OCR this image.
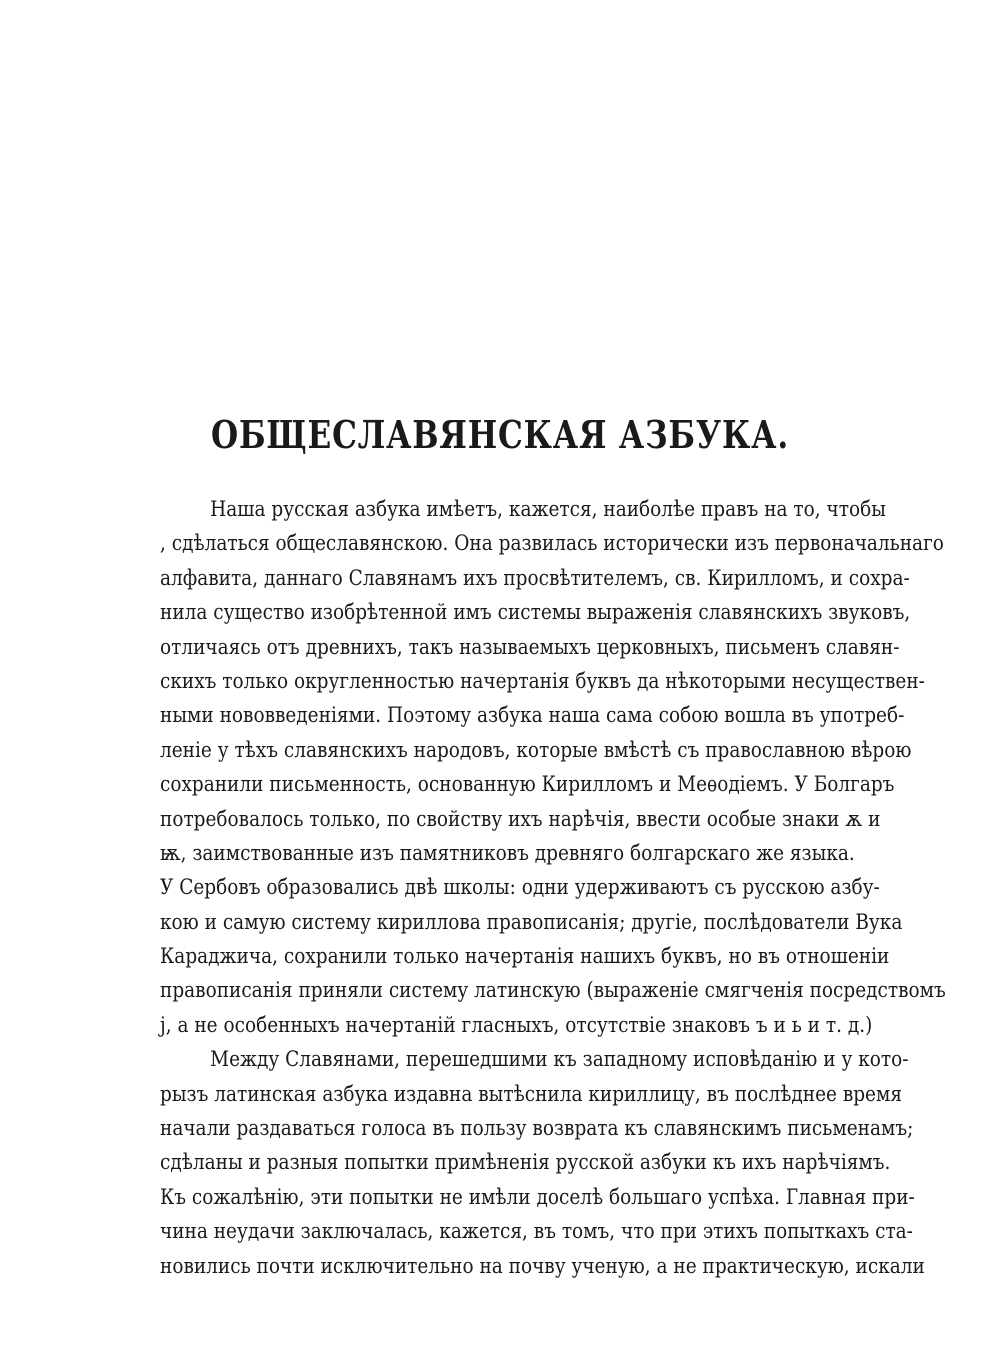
ОБЩЕСЛАВЯНСКАЯ АЗБУКА.
Наша русская азбука имѣетъ, кажется, наиболѣе правъ на то, чтобы
, сдѣлаться общеславянскою. Она развилась исторически изъ первоначальнаго
алфавита, даннаго Славянамъ ихъ просвѣтителемъ, св. Кирилломъ, и сохра-
нила существо изобрѣтенной имъ системы выраженія славянскихъ звуковъ,
отличаясь отъ древнихъ, такъ называемыхъ церковныхъ, письменъ славян-
скихъ только округленностью начертанія буквъ да нѣкоторыми несуществен-
ными нововведеніями. Поэтому азбука наша сама собою вошла въ употреб-
леніе у тѣхъ славянскихъ народовъ, которые вмѣстѣ съ православною вѣрою
сохранили письменность, основанную Кирилломъ и Меѳодіемъ. У Болгаръ
потребовалось только, по свойству ихъ нарѣчія, ввести особые знаки ѫ и
ѭ, заимствованные изъ памятниковъ древняго болгарскаго же языка.
У Сербовъ образовались двѣ школы: одни удерживаютъ съ русскою азбу-
кою и самую систему кириллова правописанія; другіе, послѣдователи Вука
Караджича, сохранили только начертанія нашихъ буквъ, но въ отношеніи
правописанія приняли систему латинскую (выраженіе смягченія посредствомъ
j, а не особенныхъ начертаній гласныхъ, отсутствіе знаковъ ъ и ь и т. д.)
Между Славянами, перешедшими къ западному исповѣданію и у кото-
рызъ латинская азбука издавна вытѣснила кириллицу, въ послѣднее время
начали раздаваться голоса въ пользу возврата къ славянскимъ письменамъ;
сдѣланы и разныя попытки примѣненія русской азбуки къ ихъ нарѣчіямъ.
Къ сожалѣнію, эти попытки не имѣли доселѣ большаго успѣха. Главная при-
чина неудачи заключалась, кажется, въ томъ, что при этихъ попыткахъ ста-
новились почти исключительно на почву ученую, а не практическую, искали
